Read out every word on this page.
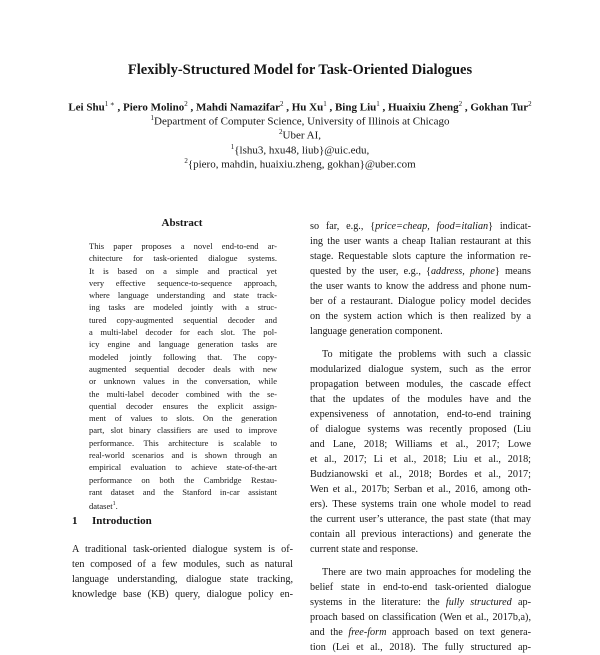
Flexibly-Structured Model for Task-Oriented Dialogues
Lei Shu$^{1 ∗}$ , Piero Molino$^2$ , Mahdi Namazifar$^2$ , Hu Xu$^1$ , Bing Liu$^1$ , Huaixiu Zheng$^2$ , Gokhan Tur$^2$
$^1$Department of Computer Science, University of Illinois at Chicago
$^2$Uber AI,
$^1${lshu3, hxu48, liub}@uic.edu,
$^2${piero, mahdin, huaixiu.zheng, gokhan}@uber.com
Abstract
This paper proposes a novel end-to-end ar-
chitecture for task-oriented dialogue systems.
It is based on a simple and practical yet
very effective sequence-to-sequence approach,
where language understanding and state track-
ing tasks are modeled jointly with a struc-
tured copy-augmented sequential decoder and
a multi-label decoder for each slot. The pol-
icy engine and language generation tasks are
modeled jointly following that. The copy-
augmented sequential decoder deals with new
or unknown values in the conversation, while
the multi-label decoder combined with the se-
quential decoder ensures the explicit assign-
ment of values to slots. On the generation
part, slot binary classifiers are used to improve
performance. This architecture is scalable to
real-world scenarios and is shown through an
empirical evaluation to achieve state-of-the-art
performance on both the Cambridge Restau-
rant dataset and the Stanford in-car assistant
dataset$^1$.
1 Introduction
A traditional task-oriented dialogue system is of-
ten composed of a few modules, such as natural
language understanding, dialogue state tracking,
knowledge base (KB) query, dialogue policy en-
so far, e.g., {price=cheap, food=italian} indicat-
ing the user wants a cheap Italian restaurant at this
stage. Requestable slots capture the information re-
quested by the user, e.g., {address, phone} means
the user wants to know the address and phone num-
ber of a restaurant. Dialogue policy model decides
on the system action which is then realized by a
language generation component.
To mitigate the problems with such a classic
modularized dialogue system, such as the error
propagation between modules, the cascade effect
that the updates of the modules have and the
expensiveness of annotation, end-to-end training
of dialogue systems was recently proposed (Liu
and Lane, 2018; Williams et al., 2017; Lowe
et al., 2017; Li et al., 2018; Liu et al., 2018;
Budzianowski et al., 2018; Bordes et al., 2017;
Wen et al., 2017b; Serban et al., 2016, among oth-
ers). These systems train one whole model to read
the current user’s utterance, the past state (that may
contain all previous interactions) and generate the
current state and response.
There are two main approaches for modeling the
belief state in end-to-end task-oriented dialogue
systems in the literature: the fully structured ap-
proach based on classification (Wen et al., 2017b,a),
and the free-form approach based on text genera-
tion (Lei et al., 2018). The fully structured ap-
